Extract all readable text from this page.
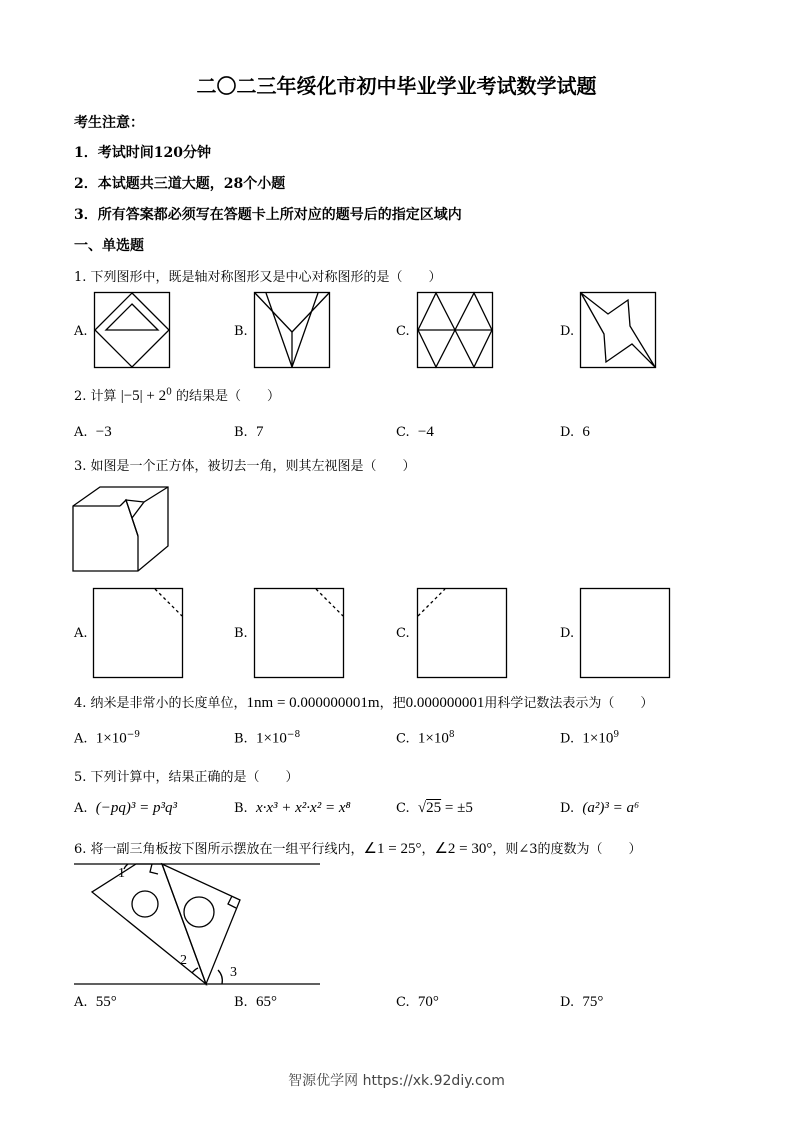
二〇二三年绥化市初中毕业学业考试数学试题
考生注意：
1．考试时间120分钟
2．本试题共三道大题，28个小题
3．所有答案都必须写在答题卡上所对应的题号后的指定区域内
一、单选题
1. 下列图形中，既是轴对称图形又是中心对称图形的是（　　）
A.	B.	C.	D.
2. 计算 $|-5| + 2^0$ 的结果是（　　）
A. −3	B. 7	C. −4	D. 6
3. 如图是一个正方体，被切去一角，则其左视图是（　　）
A.	B.	C.	D.
4. 纳米是非常小的长度单位，1nm = 0.000000001m，把0.000000001用科学记数法表示为（　　）
A. $1\times 10^{-9}$	B. $1\times 10^{-8}$	C. $1\times 10^8$	D. $1\times 10^9$
5. 下列计算中，结果正确的是（　　）
A. (−pq)³ = p³q³	B. x·x³ + x²·x² = x⁸	C. √25 = ±5	D. (a²)³ = a⁶
6. 将一副三角板按下图所示摆放在一组平行线内，∠1 = 25°，∠2 = 30°，则∠3的度数为（　　）
1
2
3
A. 55°	B. 65°	C. 70°	D. 75°
智源优学网 https://xk.92diy.com
